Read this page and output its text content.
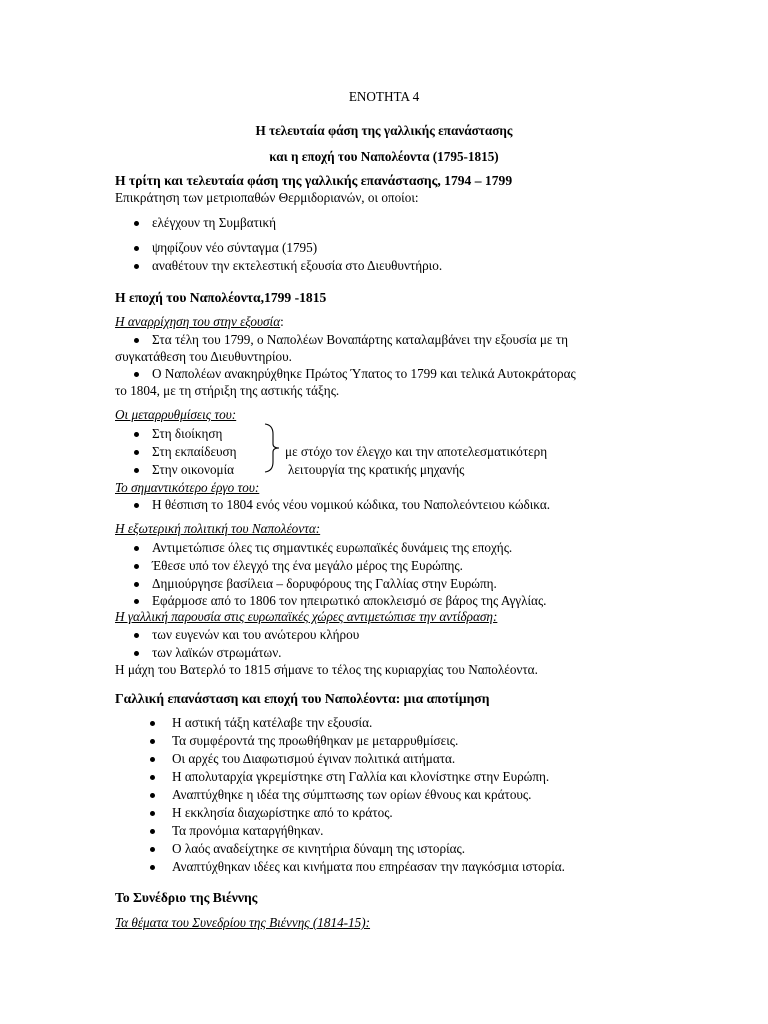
ΕΝΟΤΗΤΑ 4

Η τελευταία φάση της γαλλικής επανάστασης

και η εποχή του Ναπολέοντα (1795-1815)

Η τρίτη και τελευταία φάση της γαλλικής επανάστασης, 1794 – 1799

Επικράτηση των μετριοπαθών Θερμιδοριανών, οι οποίοι:

ελέγχουν τη Συμβατική

ψηφίζουν νέο σύνταγμα (1795)

αναθέτουν την εκτελεστική εξουσία στο Διευθυντήριο.

Η εποχή του Ναπολέοντα,1799 -1815

Η αναρρίχηση του στην εξουσία:

Στα τέλη του 1799, ο Ναπολέων Βοναπάρτης καταλαμβάνει την εξουσία με τη

συγκατάθεση του Διευθυντηρίου.

Ο Ναπολέων ανακηρύχθηκε Πρώτος Ύπατος το 1799 και τελικά Αυτοκράτορας

το 1804, με τη στήριξη της αστικής τάξης.

Οι μεταρρυθμίσεις του:

Στη διοίκηση

Στη εκπαίδευση

Στην οικονομία

με στόχο τον έλεγχο και την αποτελεσματικότερη

λειτουργία της κρατικής μηχανής

Το σημαντικότερο έργο του:

Η θέσπιση το 1804 ενός νέου νομικού κώδικα, του Ναπολεόντειου κώδικα.

Η εξωτερική πολιτική του Ναπολέοντα:

Αντιμετώπισε όλες τις σημαντικές ευρωπαϊκές δυνάμεις της εποχής.

Έθεσε υπό τον έλεγχό της ένα μεγάλο μέρος της Ευρώπης.

Δημιούργησε βασίλεια – δορυφόρους της Γαλλίας στην Ευρώπη.

Εφάρμοσε από το 1806 τον ηπειρωτικό αποκλεισμό σε βάρος της Αγγλίας.

Η γαλλική παρουσία στις ευρωπαϊκές χώρες αντιμετώπισε την αντίδραση:

των ευγενών και του ανώτερου κλήρου

των λαϊκών στρωμάτων.

Η μάχη του Βατερλό το 1815 σήμανε το τέλος της κυριαρχίας του Ναπολέοντα.

Γαλλική επανάσταση και εποχή του Ναπολέοντα: μια αποτίμηση

Η αστική τάξη κατέλαβε την εξουσία.

Τα συμφέροντά της προωθήθηκαν με μεταρρυθμίσεις.

Οι αρχές του Διαφωτισμού έγιναν πολιτικά αιτήματα.

Η απολυταρχία γκρεμίστηκε στη Γαλλία και κλονίστηκε στην Ευρώπη.

Αναπτύχθηκε η ιδέα της σύμπτωσης των ορίων έθνους και κράτους.

Η εκκλησία διαχωρίστηκε από το κράτος.

Τα προνόμια καταργήθηκαν.

Ο λαός αναδείχτηκε σε κινητήρια δύναμη της ιστορίας.

Αναπτύχθηκαν ιδέες και κινήματα που επηρέασαν την παγκόσμια ιστορία.

Το Συνέδριο της Βιέννης

Τα θέματα του Συνεδρίου της Βιέννης (1814-15):
